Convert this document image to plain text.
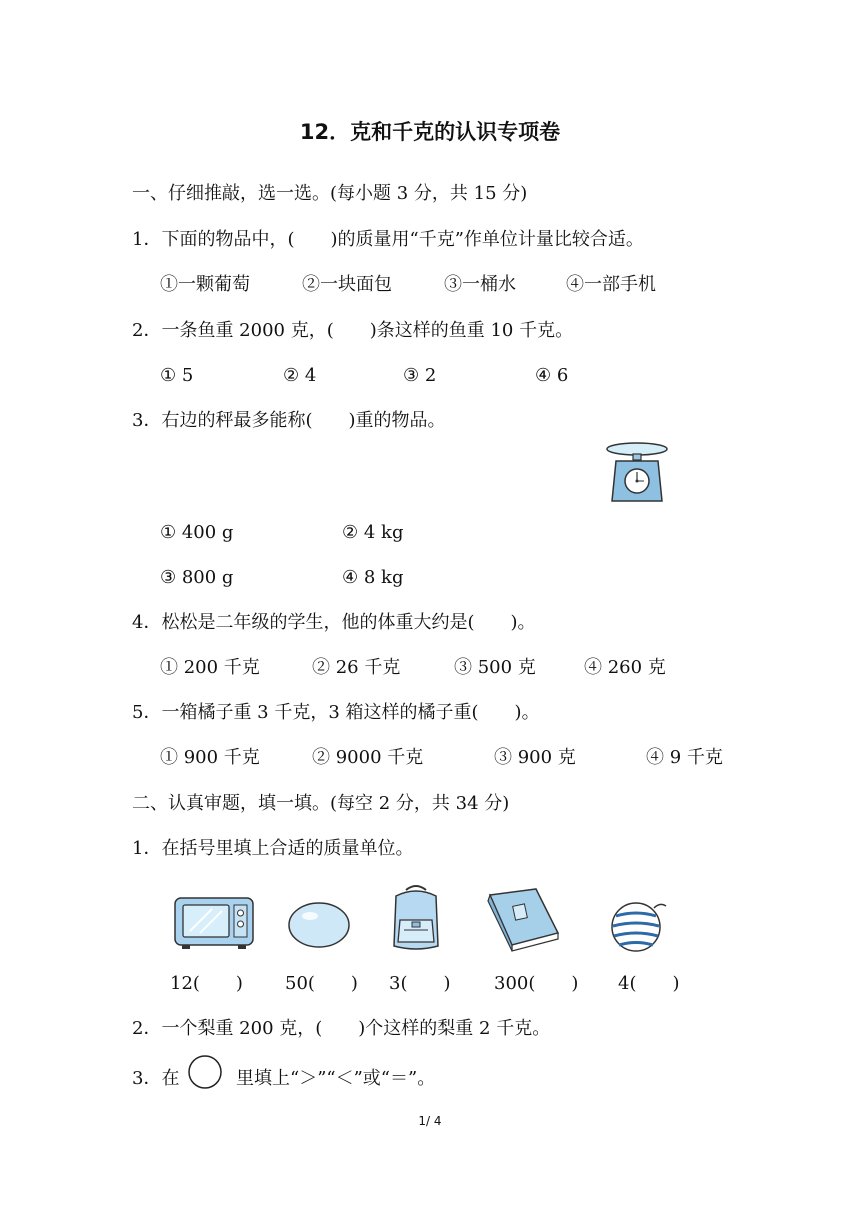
12．克和千克的认识专项卷
一、仔细推敲，选一选。(每小题 3 分，共 15 分)
1．下面的物品中，(　　)的质量用“千克”作单位计量比较合适。
①一颗葡萄	②一块面包	③一桶水	④一部手机
2．一条鱼重 2000 克，(　　)条这样的鱼重 10 千克。
① 5	② 4	③ 2	④ 6
3．右边的秤最多能称(　　)重的物品。
① 400 g	② 4 kg
③ 800 g	④ 8 kg
4．松松是二年级的学生，他的体重大约是(　　)。
① 200 千克	② 26 千克	③ 500 克	④ 260 克
5．一箱橘子重 3 千克，3 箱这样的橘子重(　　)。
① 900 千克	② 9000 千克	③ 900 克	④ 9 千克
二、认真审题，填一填。(每空 2 分，共 34 分)
1．在括号里填上合适的质量单位。
12(　　) 50(　　) 3(　　) 300(　　) 4(　　)
2．一个梨重 200 克，(　　)个这样的梨重 2 千克。
3．在	里填上“＞”“＜”或“＝”。
1/ 4
